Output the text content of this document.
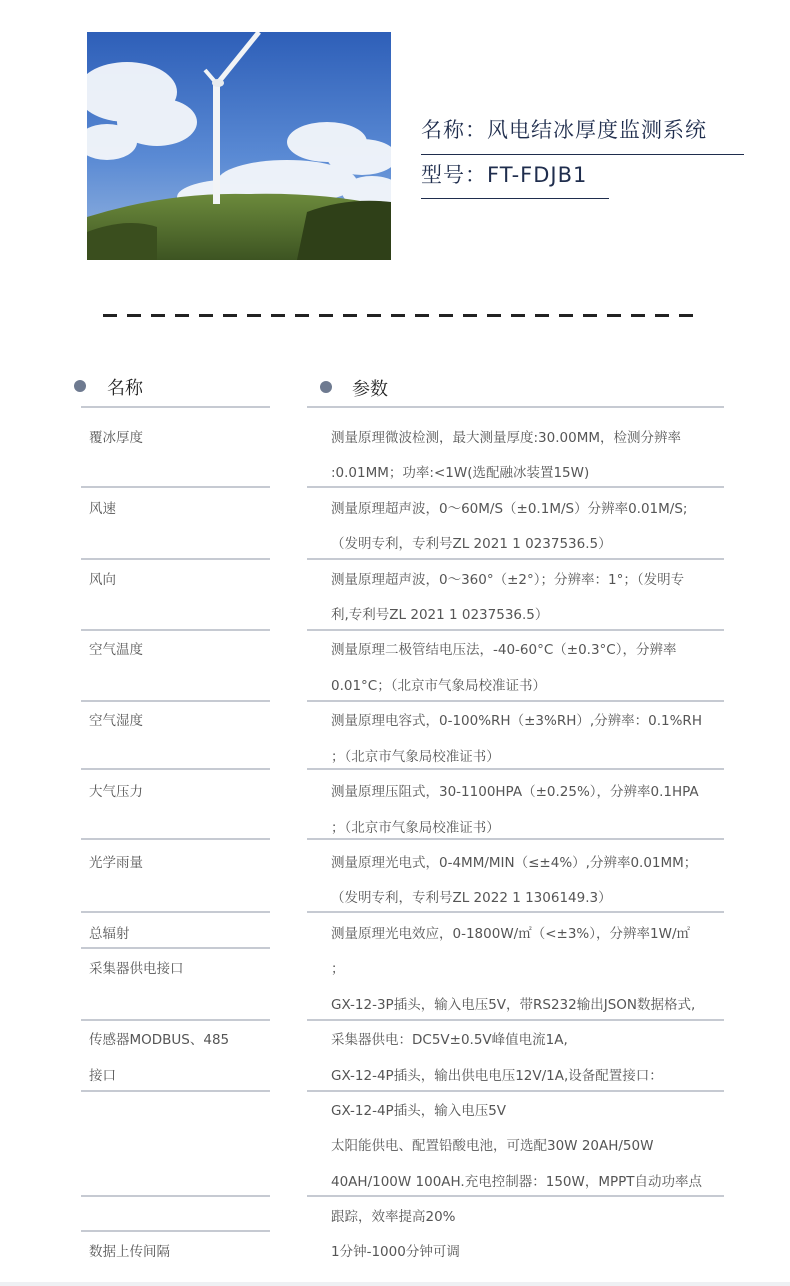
名称：风电结冰厚度监测系统
型号：FT-FDJB1
名称	参数
覆冰厚度
风速
风向
空气温度
空气湿度
大气压力
光学雨量
总辐射
采集器供电接口
传感器MODBUS、485
接口
数据上传间隔
测量原理微波检测，最大测量厚度:30.00MM，检测分辨率
:0.01MM；功率:<1W(选配融冰装置15W)
测量原理超声波，0～60M/S（±0.1M/S）分辨率0.01M/S;
（发明专利，专利号ZL 2021 1 0237536.5）
测量原理超声波，0～360°（±2°）；分辨率：1°；（发明专
利,专利号ZL 2021 1 0237536.5）
测量原理二极管结电压法，-40-60°C（±0.3°C），分辨率
0.01°C；（北京市气象局校准证书）
测量原理电容式，0-100%RH（±3%RH）,分辨率：0.1%RH
；（北京市气象局校准证书）
测量原理压阻式，30-1100HPA（±0.25%），分辨率0.1HPA
；（北京市气象局校准证书）
测量原理光电式，0-4MM/MIN（≤±4%）,分辨率0.01MM；
（发明专利，专利号ZL 2022 1 1306149.3）
测量原理光电效应，0-1800W/㎡（<±3%），分辨率1W/㎡
；
GX-12-3P插头，输入电压5V，带RS232输出JSON数据格式,
采集器供电：DC5V±0.5V峰值电流1A,
GX-12-4P插头，输出供电电压12V/1A,设备配置接口：
GX-12-4P插头，输入电压5V
太阳能供电、配置铅酸电池，可选配30W 20AH/50W
40AH/100W 100AH.充电控制器：150W，MPPT自动功率点
跟踪，效率提高20%
1分钟-1000分钟可调
